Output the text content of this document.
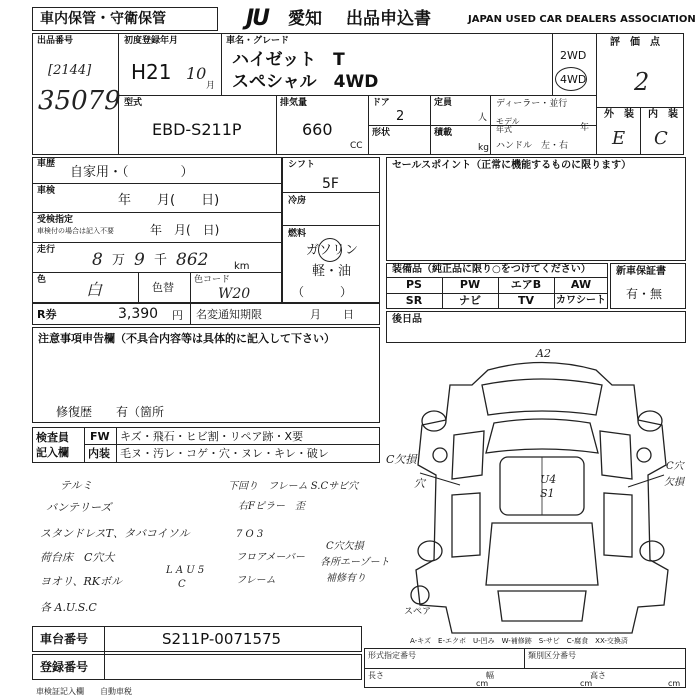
車内保管・守衛保管	JU 愛知 出品申込書	JAPAN USED CAR DEALERS ASSOCIATION
出品番号
[2144]
35079
初度登録年月
H21 10
月
車名・グレード
ハイゼット　T
スペシャル　4WD
2WD
4WD
評　価　点
2
外　装 内　装
E C
型式
EBD-S211P
排気量
660
CC
ドア
2
定員
人
形状	積載
kg
ディーラー・並行
モデル
年式	年
ハンドル　左・右
車歴
自家用・（　　　　）
車検
年　　月(　　日)
受検指定
車検付の場合は記入不要	年　月(　日)
走行 8 万 9 千 862	km
色 白	色替
色コード
W20
シフト
5F
冷房
燃料
ガソリン
軽・油
（　　　）
R券	3,390 円 名変通知期限	月　　日
セールスポイント（正常に機能するものに限ります）
装備品（純正品に限り○をつけてください）
PS	PW	エアB	AW
SR	ナビ	TV	カワシート
新車保証書
有・無
後日品
注意事項申告欄（不具合内容等は具体的に記入して下さい）
修復歴　　有（箇所
検査員
記入欄
FW キズ・飛石・ヒビ割・リペア跡・X要
内装 毛ヌ・汚レ・コゲ・穴・ヌレ・キレ・破レ
テルミ
バンテリーズ
スタンドレスT、タバコイソル
荷台床　C穴大
ヨオリ、RKボル
各 A.U.S.C
下回り　フレーム S.Cサビ穴
右Fピラー　歪
フロアメーバー
フレーム
7 O 3
L A U 5
C
C穴欠損
各所エーゾート
補修有り
A2
U4
S1
C欠損
穴
C穴
欠損
スペア
A-キズ　E-エクボ　U-凹み　W-補修跡　S-サビ　C-腐食　XX-交換済
車台番号	S211P-0071575
登録番号
形式指定番号	類別区分番号
長さ
cm
幅
cm
高さ
cm
車検証記入欄 自動車税
